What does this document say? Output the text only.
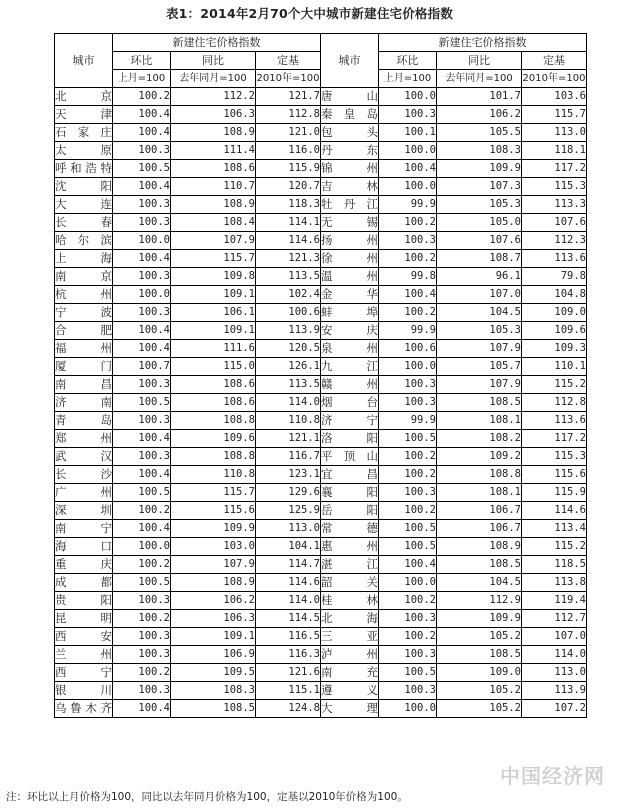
表1：2014年2月70个大中城市新建住宅价格指数
城市	新建住宅价格指数			城市	新建住宅价格指数		
	环比	同比	定基		环比	同比	定基
	上月=100	去年同月=100	2010年=100		上月=100	去年同月=100	2010年=100
北京	100.2	112.2	121.7	唐山	100.0	101.7	103.6
天津	100.4	106.3	112.8	秦皇岛	100.3	106.2	115.7
石家庄	100.4	108.9	121.0	包头	100.1	105.5	113.0
太原	100.3	111.4	116.0	丹东	100.0	108.3	118.1
呼和浩特	100.5	108.6	115.9	锦州	100.4	109.9	117.2
沈阳	100.4	110.7	120.7	吉林	100.0	107.3	115.3
大连	100.3	108.9	118.3	牡丹江	99.9	105.3	113.3
长春	100.3	108.4	114.1	无锡	100.2	105.0	107.6
哈尔滨	100.0	107.9	114.6	扬州	100.3	107.6	112.3
上海	100.4	115.7	121.3	徐州	100.2	108.7	113.6
南京	100.3	109.8	113.5	温州	99.8	96.1	79.8
杭州	100.0	109.1	102.4	金华	100.4	107.0	104.8
宁波	100.3	106.1	100.6	蚌埠	100.2	104.5	109.0
合肥	100.4	109.1	113.9	安庆	99.9	105.3	109.6
福州	100.4	111.6	120.5	泉州	100.6	107.9	109.3
厦门	100.7	115.0	126.1	九江	100.0	105.7	110.1
南昌	100.3	108.6	113.5	赣州	100.3	107.9	115.2
济南	100.5	108.6	114.0	烟台	100.3	108.5	112.8
青岛	100.3	108.8	110.8	济宁	99.9	108.1	113.6
郑州	100.4	109.6	121.1	洛阳	100.5	108.2	117.2
武汉	100.3	108.8	116.7	平顶山	100.2	109.2	115.3
长沙	100.4	110.8	123.1	宜昌	100.2	108.8	115.6
广州	100.5	115.7	129.6	襄阳	100.3	108.1	115.9
深圳	100.2	115.6	125.9	岳阳	100.2	106.7	114.6
南宁	100.4	109.9	113.0	常德	100.5	106.7	113.4
海口	100.0	103.0	104.1	惠州	100.5	108.9	115.2
重庆	100.2	107.9	114.7	湛江	100.4	108.5	118.5
成都	100.5	108.9	114.6	韶关	100.0	104.5	113.8
贵阳	100.3	106.2	114.0	桂林	100.2	112.9	119.4
昆明	100.2	106.3	114.5	北海	100.3	109.9	112.7
西安	100.3	109.1	116.5	三亚	100.2	105.2	107.0
兰州	100.3	106.9	116.3	泸州	100.3	108.5	114.0
西宁	100.2	109.5	121.6	南充	100.5	109.0	113.0
银川	100.3	108.3	115.1	遵义	100.3	105.2	113.9
乌鲁木齐	100.4	108.5	124.8	大理	100.0	105.2	107.2
注：环比以上月价格为100，同比以去年同月价格为100，定基以2010年价格为100。
中国经济网
